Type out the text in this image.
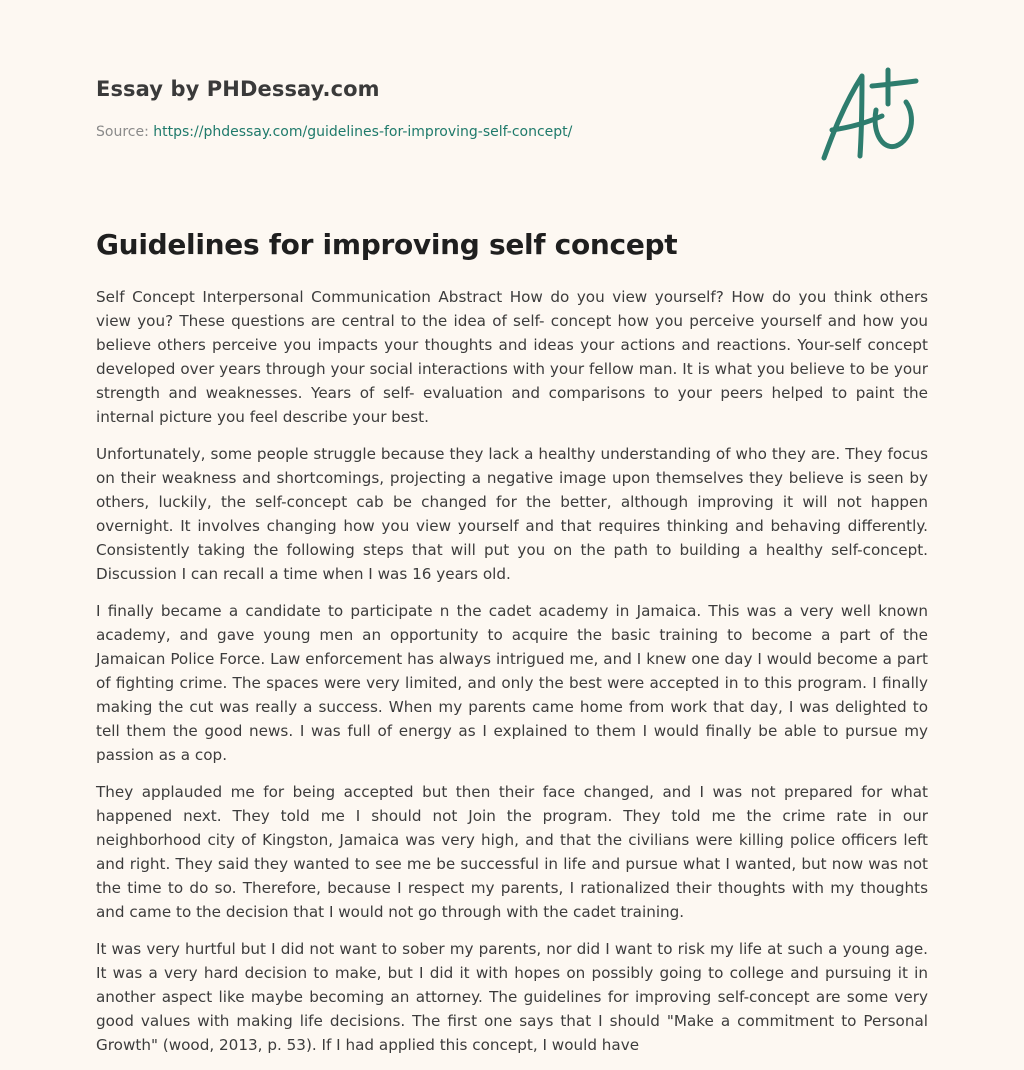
Essay by PHDessay.com
Source: https://phdessay.com/guidelines-for-improving-self-concept/
Guidelines for improving self concept

Self Concept Interpersonal Communication Abstract How do you view yourself? How do you think others view you? These questions are central to the idea of self- concept how you perceive yourself and how you believe others perceive you impacts your thoughts and ideas your actions and reactions. Your-self concept developed over years through your social interactions with your fellow man. It is what you believe to be your strength and weaknesses. Years of self- evaluation and comparisons to your peers helped to paint the internal picture you feel describe your best.

Unfortunately, some people struggle because they lack a healthy understanding of who they are. They focus on their weakness and shortcomings, projecting a negative image upon themselves they believe is seen by others, luckily, the self-concept cab be changed for the better, although improving it will not happen overnight. It involves changing how you view yourself and that requires thinking and behaving differently. Consistently taking the following steps that will put you on the path to building a healthy self-concept. Discussion I can recall a time when I was 16 years old.

I finally became a candidate to participate n the cadet academy in Jamaica. This was a very well known academy, and gave young men an opportunity to acquire the basic training to become a part of the Jamaican Police Force. Law enforcement has always intrigued me, and I knew one day I would become a part of fighting crime. The spaces were very limited, and only the best were accepted in to this program. I finally making the cut was really a success. When my parents came home from work that day, I was delighted to tell them the good news. I was full of energy as I explained to them I would finally be able to pursue my passion as a cop.

They applauded me for being accepted but then their face changed, and I was not prepared for what happened next. They told me I should not Join the program. They told me the crime rate in our neighborhood city of Kingston, Jamaica was very high, and that the civilians were killing police officers left and right. They said they wanted to see me be successful in life and pursue what I wanted, but now was not the time to do so. Therefore, because I respect my parents, I rationalized their thoughts with my thoughts and came to the decision that I would not go through with the cadet training.

It was very hurtful but I did not want to sober my parents, nor did I want to risk my life at such a young age. It was a very hard decision to make, but I did it with hopes on possibly going to college and pursuing it in another aspect like maybe becoming an attorney. The guidelines for improving self-concept are some very good values with making life decisions. The first one says that I should "Make a commitment to Personal Growth" (wood, 2013, p. 53). If I had applied this concept, I would have
